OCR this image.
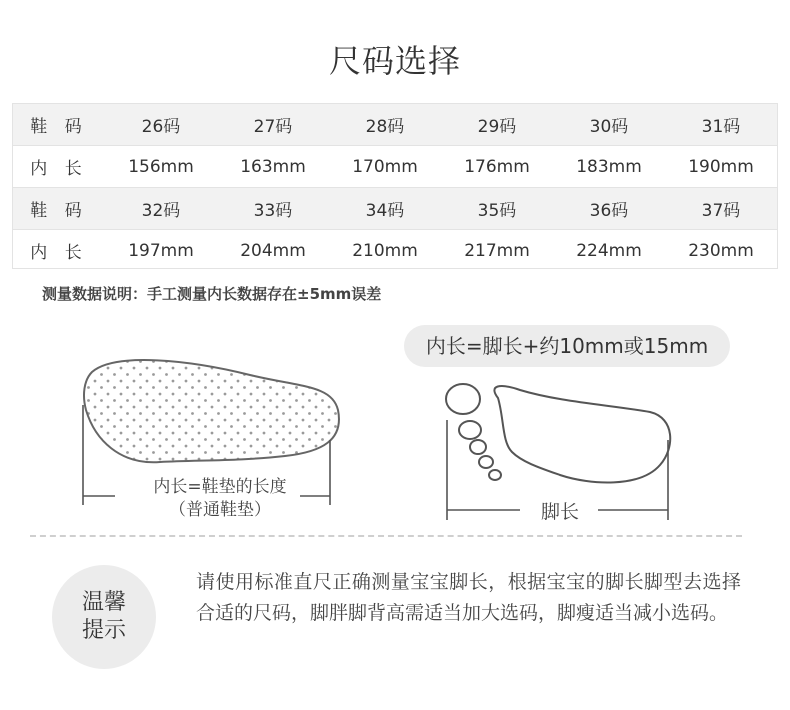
尺码选择
鞋 码	26码	27码	28码	29码	30码	31码
内 长	156mm	163mm	170mm	176mm	183mm	190mm
鞋 码	32码	33码	34码	35码	36码	37码
内 长	197mm	204mm	210mm	217mm	224mm	230mm
测量数据说明：手工测量内长数据存在±5mm误差
内长=脚长+约10mm或15mm
内长=鞋垫的长度
（普通鞋垫）	脚长
温馨
提示
请使用标准直尺正确测量宝宝脚长，根据宝宝的脚长脚型去选择合适的尺码，脚胖脚背高需适当加大选码，脚瘦适当减小选码。
